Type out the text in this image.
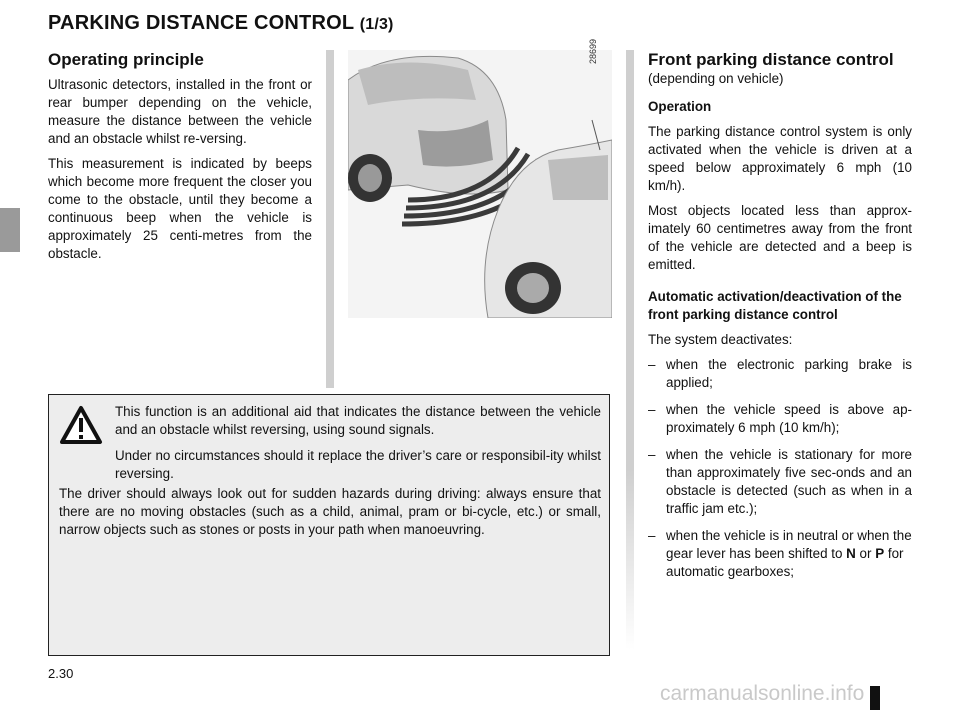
PARKING DISTANCE CONTROL (1/3)
Operating principle

Ultrasonic detectors, installed in the front or rear bumper depending on the vehicle, measure the distance between the vehicle and an obstacle whilst re-versing.

This measurement is indicated by beeps which become more frequent the closer you come to the obstacle, until they become a continuous beep when the vehicle is approximately 25 centi-metres from the obstacle.

28699	Front parking distance control

(depending on vehicle)

Operation

The parking distance control system is only activated when the vehicle is driven at a speed below approximately 6 mph (10 km/h).

Most objects located less than approx-imately 60 centimetres away from the front of the vehicle are detected and a beep is emitted.

Automatic activation/deactivation of the front parking distance control

The system deactivates:

– when the electronic parking brake is applied;
– when the vehicle speed is above ap-proximately 6 mph (10 km/h);
– when the vehicle is stationary for more than approximately five sec-onds and an obstacle is detected (such as when in a traffic jam etc.);
– when the vehicle is in neutral or when the gear lever has been shifted to N or P for automatic gearboxes;

This function is an additional aid that indicates the distance between the vehicle and an obstacle whilst reversing, using sound signals.

Under no circumstances should it replace the driver’s care or responsibil-ity whilst reversing.

The driver should always look out for sudden hazards during driving: always ensure that there are no moving obstacles (such as a child, animal, pram or bi-cycle, etc.) or small, narrow objects such as stones or posts in your path when manoeuvring.

2.30
carmanualsonline.info
